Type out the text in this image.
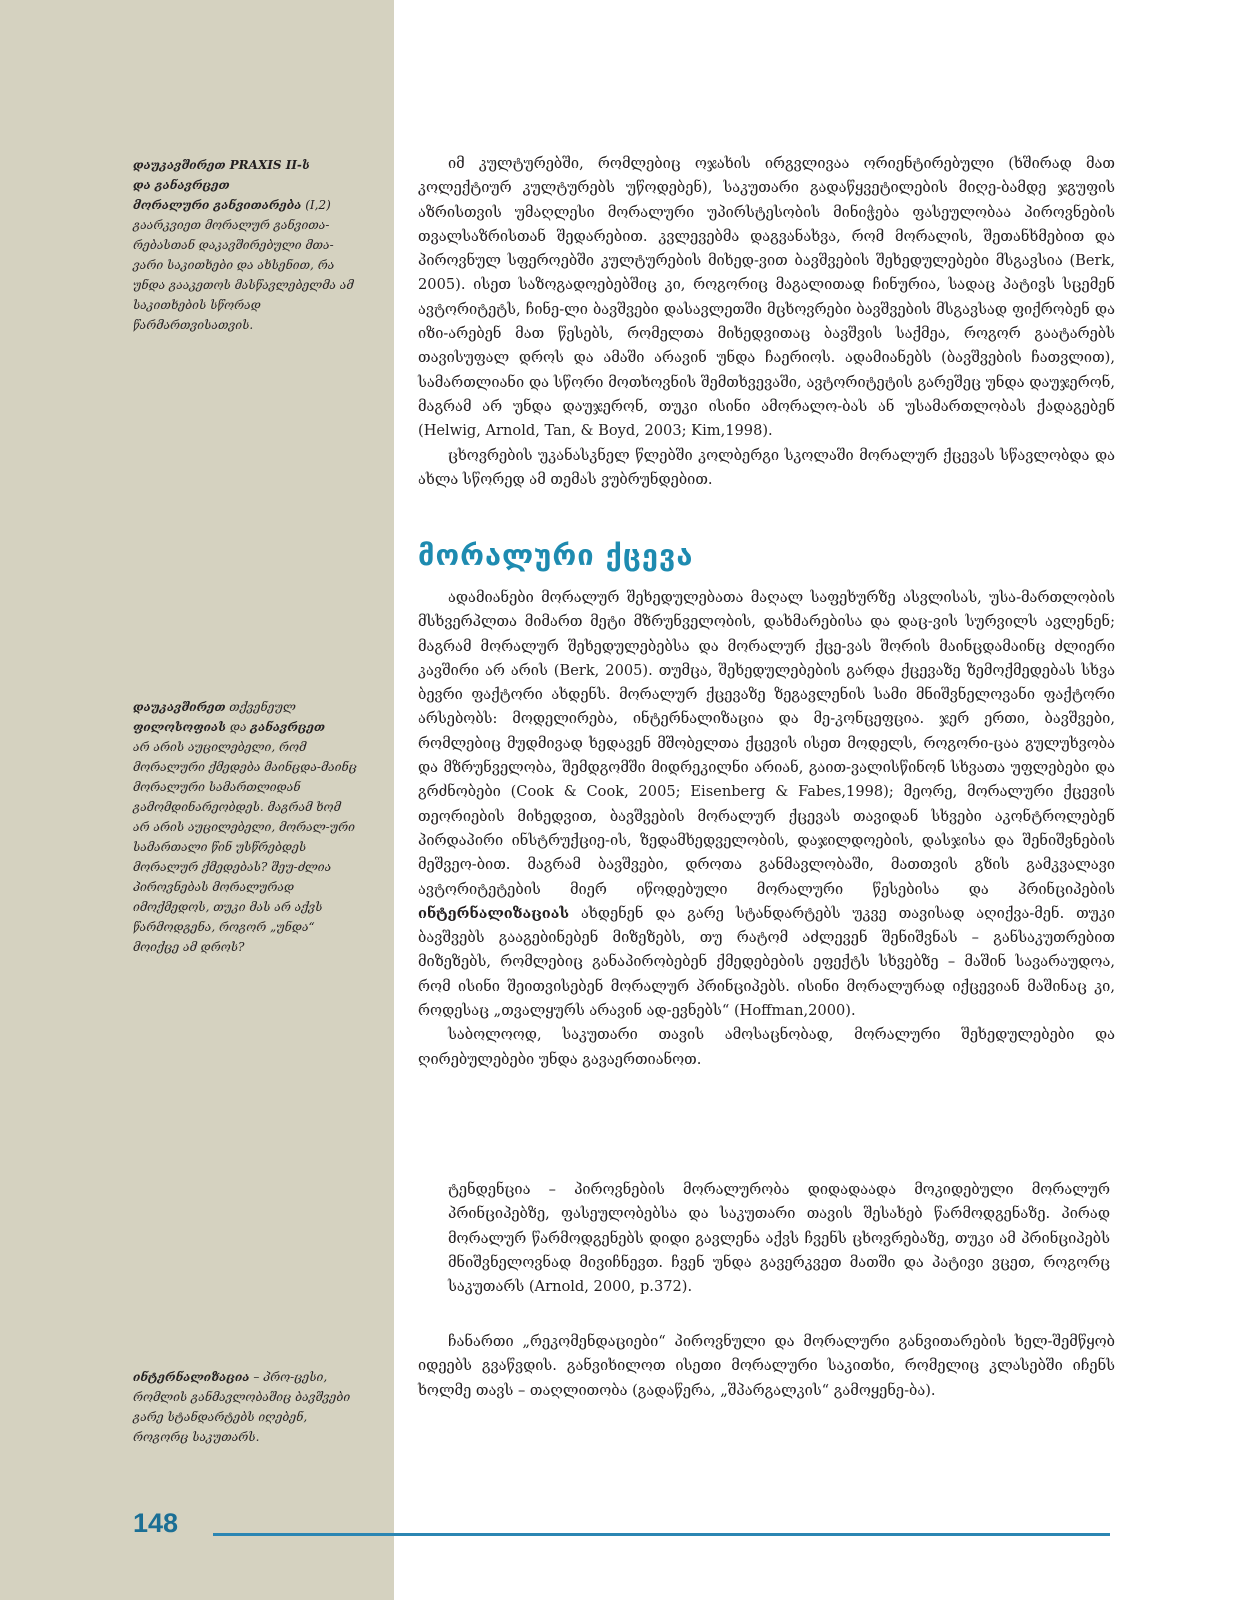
დაუკავშირეთ PRAXIS II-ს
და განავრცეთ
მორალური განვითარება (I,2)
გაარკვიეთ მორალურ განვითა-რებასთან დაკავშირებული მთა-ვარი საკითხები და ახსენით, რა უნდა გააკეთოს მასწავლებელმა ამ საკითხების სწორად წარმართვისათვის.
დაუკავშირეთ თქვენეულ ფილოსოფიას და განავრცეთ
არ არის აუცილებელი, რომ მორალური ქმედება მაინცდა-მაინც მორალური სამართლიდან გამომდინარეობდეს. მაგრამ ხომ არ არის აუცილებელი, მორალ-ური სამართალი წინ უსწრებდეს მორალურ ქმედებას? შეუ-ძლია პიროვნებას მორალურად იმოქმედოს, თუკი მას არ აქვს წარმოდგენა, როგორ „უნდა“ მოიქცე ამ დროს?
ინტერნალიზაცია – პრო-ცესი, რომლის განმავლობაშიც ბავშვები გარე სტანდარტებს იღებენ, როგორც საკუთარს.

იმ კულტურებში, რომლებიც ოჯახის ირგვლივაა ორიენტირებული (ხშირად მათ კოლექტიურ კულტურებს უწოდებენ), საკუთარი გადაწყვეტილების მიღე-ბამდე ჯგუფის აზრისთვის უმაღლესი მორალური უპირსტესობის მინიჭება ფასეულობაა პიროვნების თვალსაზრისთან შედარებით. კვლევებმა დაგვანახვა, რომ მორალის, შეთანხმებით და პიროვნულ სფეროებში კულტურების მიხედ-ვით ბავშვების შეხედულებები მსგავსია (Berk, 2005). ისეთ საზოგადოებებშიც კი, როგორიც მაგალითად ჩინურია, სადაც პატივს სცემენ ავტორიტეტს, ჩინე-ლი ბავშვები დასავლეთში მცხოვრები ბავშვების მსგავსად ფიქრობენ და იზი-არებენ მათ წესებს, რომელთა მიხედვითაც ბავშვის საქმეა, როგორ გაატარებს თავისუფალ დროს და ამაში არავინ უნდა ჩაერიოს. ადამიანებს (ბავშვების ჩათვლით), სამართლიანი და სწორი მოთხოვნის შემთხვევაში, ავტორიტეტის გარეშეც უნდა დაუჯერონ, მაგრამ არ უნდა დაუჯერონ, თუკი ისინი ამორალო-ბას ან უსამართლობას ქადაგებენ (Helwig, Arnold, Tan, & Boyd, 2003; Kim,1998).

ცხოვრების უკანასკნელ წლებში კოლბერგი სკოლაში მორალურ ქცევას სწავლობდა და ახლა სწორედ ამ თემას ვუბრუნდებით.

მორალური ქცევა

ადამიანები მორალურ შეხედულებათა მაღალ საფეხურზე ასვლისას, უსა-მართლობის მსხვერპლთა მიმართ მეტი მზრუნველობის, დახმარებისა და დაც-ვის სურვილს ავლენენ; მაგრამ მორალურ შეხედულებებსა და მორალურ ქცე-ვას შორის მაინცდამაინც ძლიერი კავშირი არ არის (Berk, 2005). თუმცა, შეხედულებების გარდა ქცევაზე ზემოქმედებას სხვა ბევრი ფაქტორი ახდენს. მორალურ ქცევაზე ზეგავლენის სამი მნიშვნელოვანი ფაქტორი არსებობს: მოდელირება, ინტერნალიზაცია და მე-კონცეფცია. ჯერ ერთი, ბავშვები, რომლებიც მუდმივად ხედავენ მშობელთა ქცევის ისეთ მოდელს, როგორი-ცაა გულუხვობა და მზრუნველობა, შემდგომში მიდრეკილნი არიან, გაით-ვალისწინონ სხვათა უფლებები და გრძნობები (Cook & Cook, 2005; Eisenberg & Fabes,1998); მეორე, მორალური ქცევის თეორიების მიხედვით, ბავშვების მორალურ ქცევას თავიდან სხვები აკონტროლებენ პირდაპირი ინსტრუქციე-ის, ზედამხედველობის, დაჯილდოების, დასჯისა და შენიშვნების მეშვეო-ბით. მაგრამ ბავშვები, დროთა განმავლობაში, მათთვის გზის გამკვალავი ავტორიტეტების მიერ იწოდებული მორალური წესებისა და პრინციპების ინტერნალიზაციას ახდენენ და გარე სტანდარტებს უკვე თავისად აღიქვა-მენ. თუკი ბავშვებს გააგებინებენ მიზეზებს, თუ რატომ აძლევენ შენიშვნას – განსაკუთრებით მიზეზებს, რომლებიც განაპირობებენ ქმედებების ეფექტს სხვებზე – მაშინ სავარაუდოა, რომ ისინი შეითვისებენ მორალურ პრინციპებს. ისინი მორალურად იქცევიან მაშინაც კი, როდესაც „თვალყურს არავინ ად-ევნებს“ (Hoffman,2000).

საბოლოოდ, საკუთარი თავის ამოსაცნობად, მორალური შეხედულებები და ღირებულებები უნდა გავაერთიანოთ.

ტენდენცია – პიროვნების მორალურობა დიდადაადა მოკიდებული მორალურ პრინციპებზე, ფასეულობებსა და საკუთარი თავის შესახებ წარმოდგენაზე. პირად მორალურ წარმოდგენებს დიდი გავლენა აქვს ჩვენს ცხოვრებაზე, თუკი ამ პრინციპებს მნიშვნელოვნად მივიჩნევთ. ჩვენ უნდა გავერკვეთ მათში და პატივი ვცეთ, როგორც საკუთარს (Arnold, 2000, p.372).

ჩანართი „რეკომენდაციები“ პიროვნული და მორალური განვითარების ხელ-შემწყობ იდეებს გვაწვდის. განვიხილოთ ისეთი მორალური საკითხი, რომელიც კლასებში იჩენს ხოლმე თავს – თაღლითობა (გადაწერა, „შპარგალკის“ გამოყენე-ბა).

148
